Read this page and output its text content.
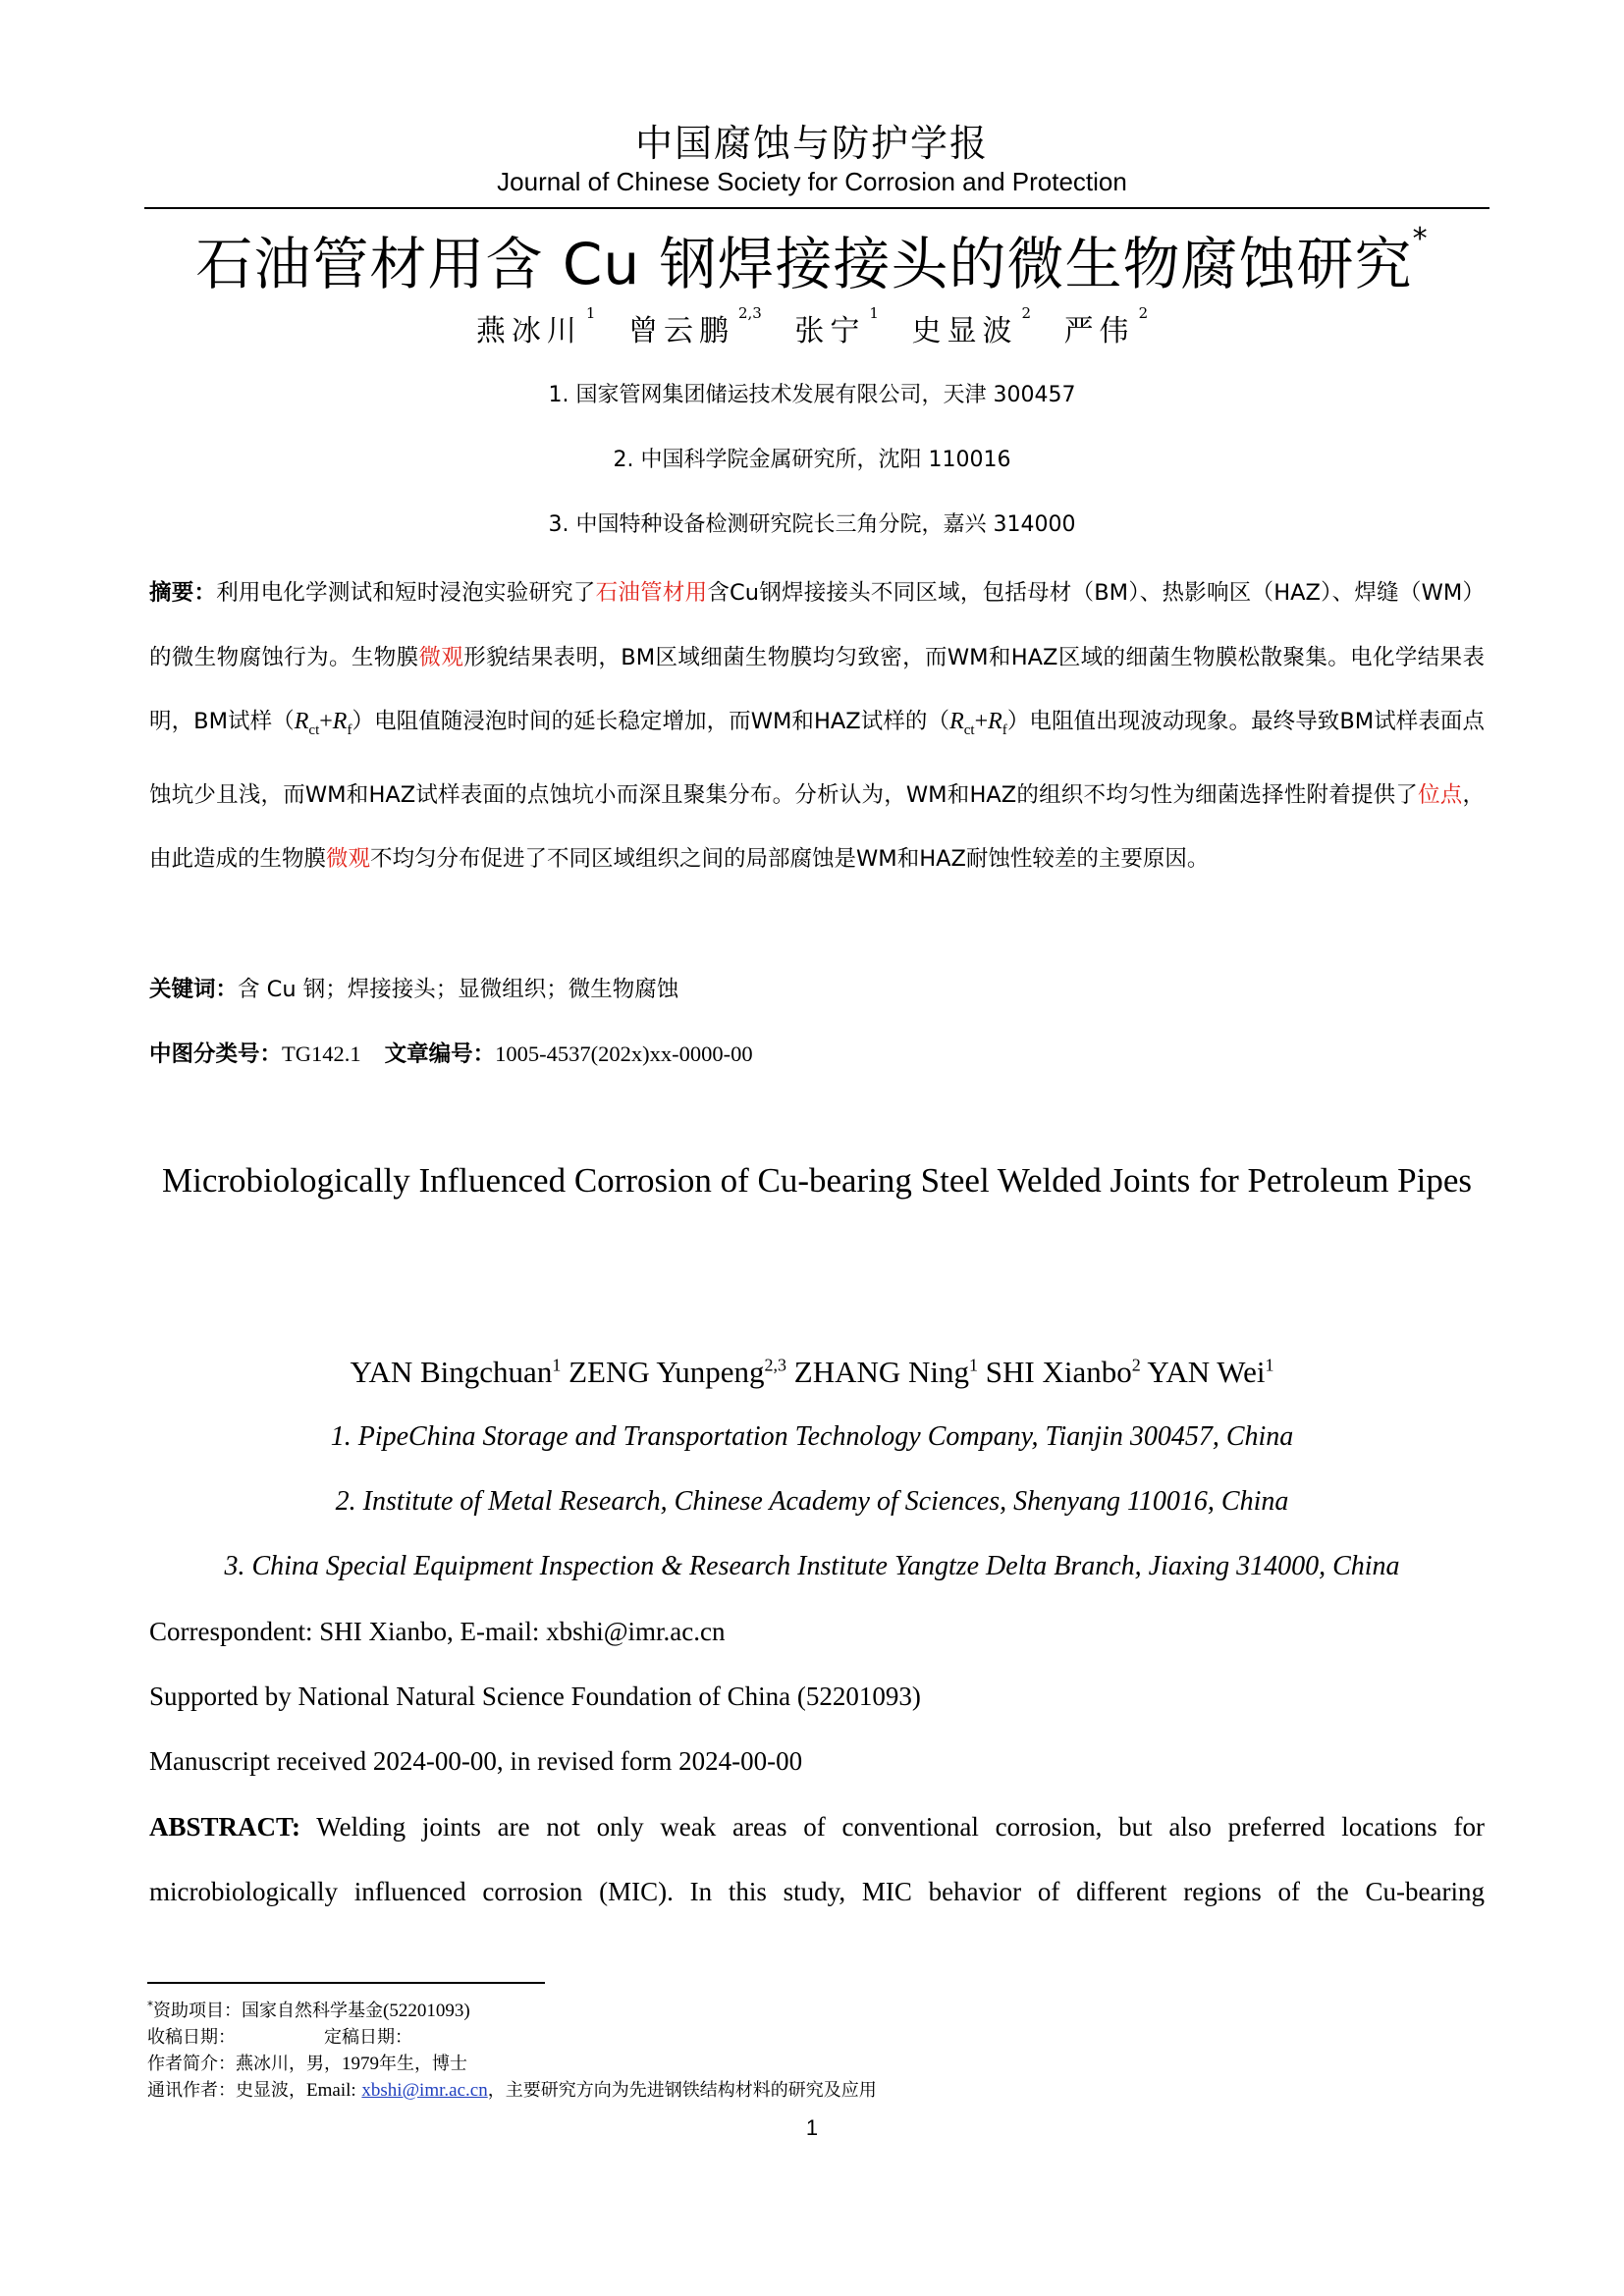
中国腐蚀与防护学报
Journal of Chinese Society for Corrosion and Protection
石油管材用含 Cu 钢焊接接头的微生物腐蚀研究*
燕冰川$^1$ 曾云鹏$^{2,3}$ 张宁$^1$ 史显波$^2$ 严伟$^2$
1. 国家管网集团储运技术发展有限公司，天津 300457
2. 中国科学院金属研究所，沈阳 110016
3. 中国特种设备检测研究院长三角分院，嘉兴 314000
摘要：利用电化学测试和短时浸泡实验研究了石油管材用含Cu钢焊接接头不同区域，包括母材（BM）、热影响区（HAZ）、焊缝（WM）的微生物腐蚀行为。生物膜微观形貌结果表明，BM区域细菌生物膜均匀致密，而WM和HAZ区域的细菌生物膜松散聚集。电化学结果表明，BM试样$(R_{ct}+R_f)$电阻值随浸泡时间的延长稳定增加，而WM和HAZ试样的$(R_{ct}+R_f)$电阻值出现波动现象。最终导致BM试样表面点蚀坑少且浅，而WM和HAZ试样表面的点蚀坑小而深且聚集分布。分析认为，WM和HAZ的组织不均匀性为细菌选择性附着提供了位点，由此造成的生物膜微观不均匀分布促进了不同区域组织之间的局部腐蚀是WM和HAZ耐蚀性较差的主要原因。
关键词：含 Cu 钢；焊接接头；显微组织；微生物腐蚀
中图分类号：TG142.1 文章编号：1005-4537(202x)xx-0000-00
Microbiologically Influenced Corrosion of Cu-bearing Steel Welded Joints for Petroleum Pipes
YAN Bingchuan$^1$ ZENG Yunpeng$^{2,3}$ ZHANG Ning$^1$ SHI Xianbo$^2$ YAN Wei$^1$
1. PipeChina Storage and Transportation Technology Company, Tianjin 300457, China
2. Institute of Metal Research, Chinese Academy of Sciences, Shenyang 110016, China
3. China Special Equipment Inspection & Research Institute Yangtze Delta Branch, Jiaxing 314000, China
Correspondent: SHI Xianbo, E-mail: xbshi@imr.ac.cn
Supported by National Natural Science Foundation of China (52201093)
Manuscript received 2024-00-00, in revised form 2024-00-00
ABSTRACT: Welding joints are not only weak areas of conventional corrosion, but also preferred locations for
microbiologically influenced corrosion (MIC). In this study, MIC behavior of different regions of the Cu-bearing
*资助项目：国家自然科学基金(52201093)
收稿日期：	定稿日期：
作者简介：燕冰川，男，1979年生，博士
通讯作者：史显波，Email: xbshi@imr.ac.cn，主要研究方向为先进钢铁结构材料的研究及应用
1
